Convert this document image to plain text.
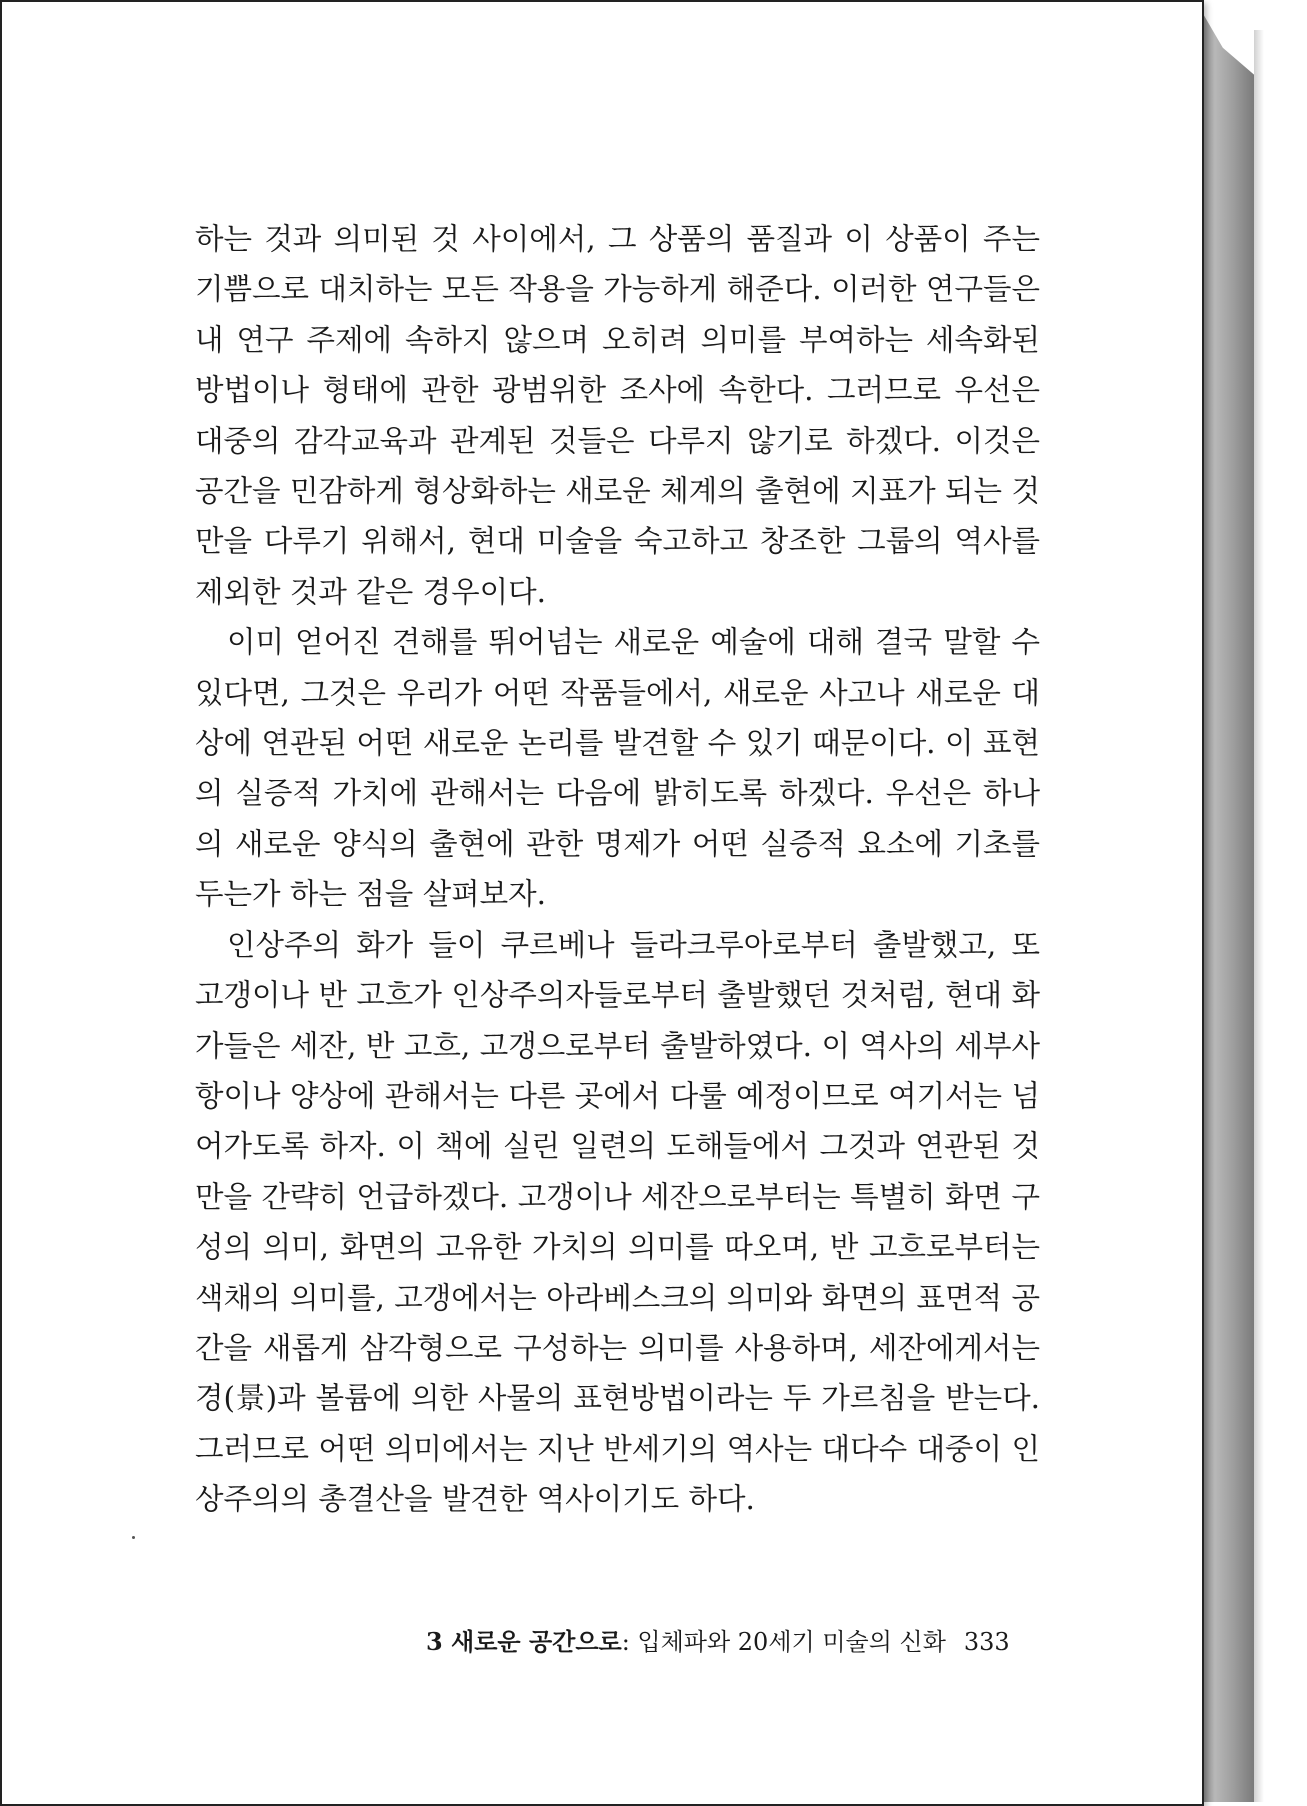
하는 것과 의미된 것 사이에서, 그 상품의 품질과 이 상품이 주는 기쁨으로 대치하는 모든 작용을 가능하게 해준다. 이러한 연구들은 내 연구 주제에 속하지 않으며 오히려 의미를 부여하는 세속화된 방법이나 형태에 관한 광범위한 조사에 속한다. 그러므로 우선은 대중의 감각교육과 관계된 것들은 다루지 않기로 하겠다. 이것은 공간을 민감하게 형상화하는 새로운 체계의 출현에 지표가 되는 것만을 다루기 위해서, 현대 미술을 숙고하고 창조한 그룹의 역사를 제외한 것과 같은 경우이다.

이미 얻어진 견해를 뛰어넘는 새로운 예술에 대해 결국 말할 수 있다면, 그것은 우리가 어떤 작품들에서, 새로운 사고나 새로운 대상에 연관된 어떤 새로운 논리를 발견할 수 있기 때문이다. 이 표현의 실증적 가치에 관해서는 다음에 밝히도록 하겠다. 우선은 하나의 새로운 양식의 출현에 관한 명제가 어떤 실증적 요소에 기초를 두는가 하는 점을 살펴보자.

인상주의 화가 들이 쿠르베나 들라크루아로부터 출발했고, 또 고갱이나 반 고흐가 인상주의자들로부터 출발했던 것처럼, 현대 화가들은 세잔, 반 고흐, 고갱으로부터 출발하였다. 이 역사의 세부사항이나 양상에 관해서는 다른 곳에서 다룰 예정이므로 여기서는 넘어가도록 하자. 이 책에 실린 일련의 도해들에서 그것과 연관된 것만을 간략히 언급하겠다. 고갱이나 세잔으로부터는 특별히 화면 구성의 의미, 화면의 고유한 가치의 의미를 따오며, 반 고흐로부터는 색채의 의미를, 고갱에서는 아라베스크의 의미와 화면의 표면적 공간을 새롭게 삼각형으로 구성하는 의미를 사용하며, 세잔에게서는 경(景)과 볼륨에 의한 사물의 표현방법이라는 두 가르침을 받는다. 그러므로 어떤 의미에서는 지난 반세기의 역사는 대다수 대중이 인상주의의 총결산을 발견한 역사이기도 하다.

3 새로운 공간으로: 입체파와 20세기 미술의 신화 333
